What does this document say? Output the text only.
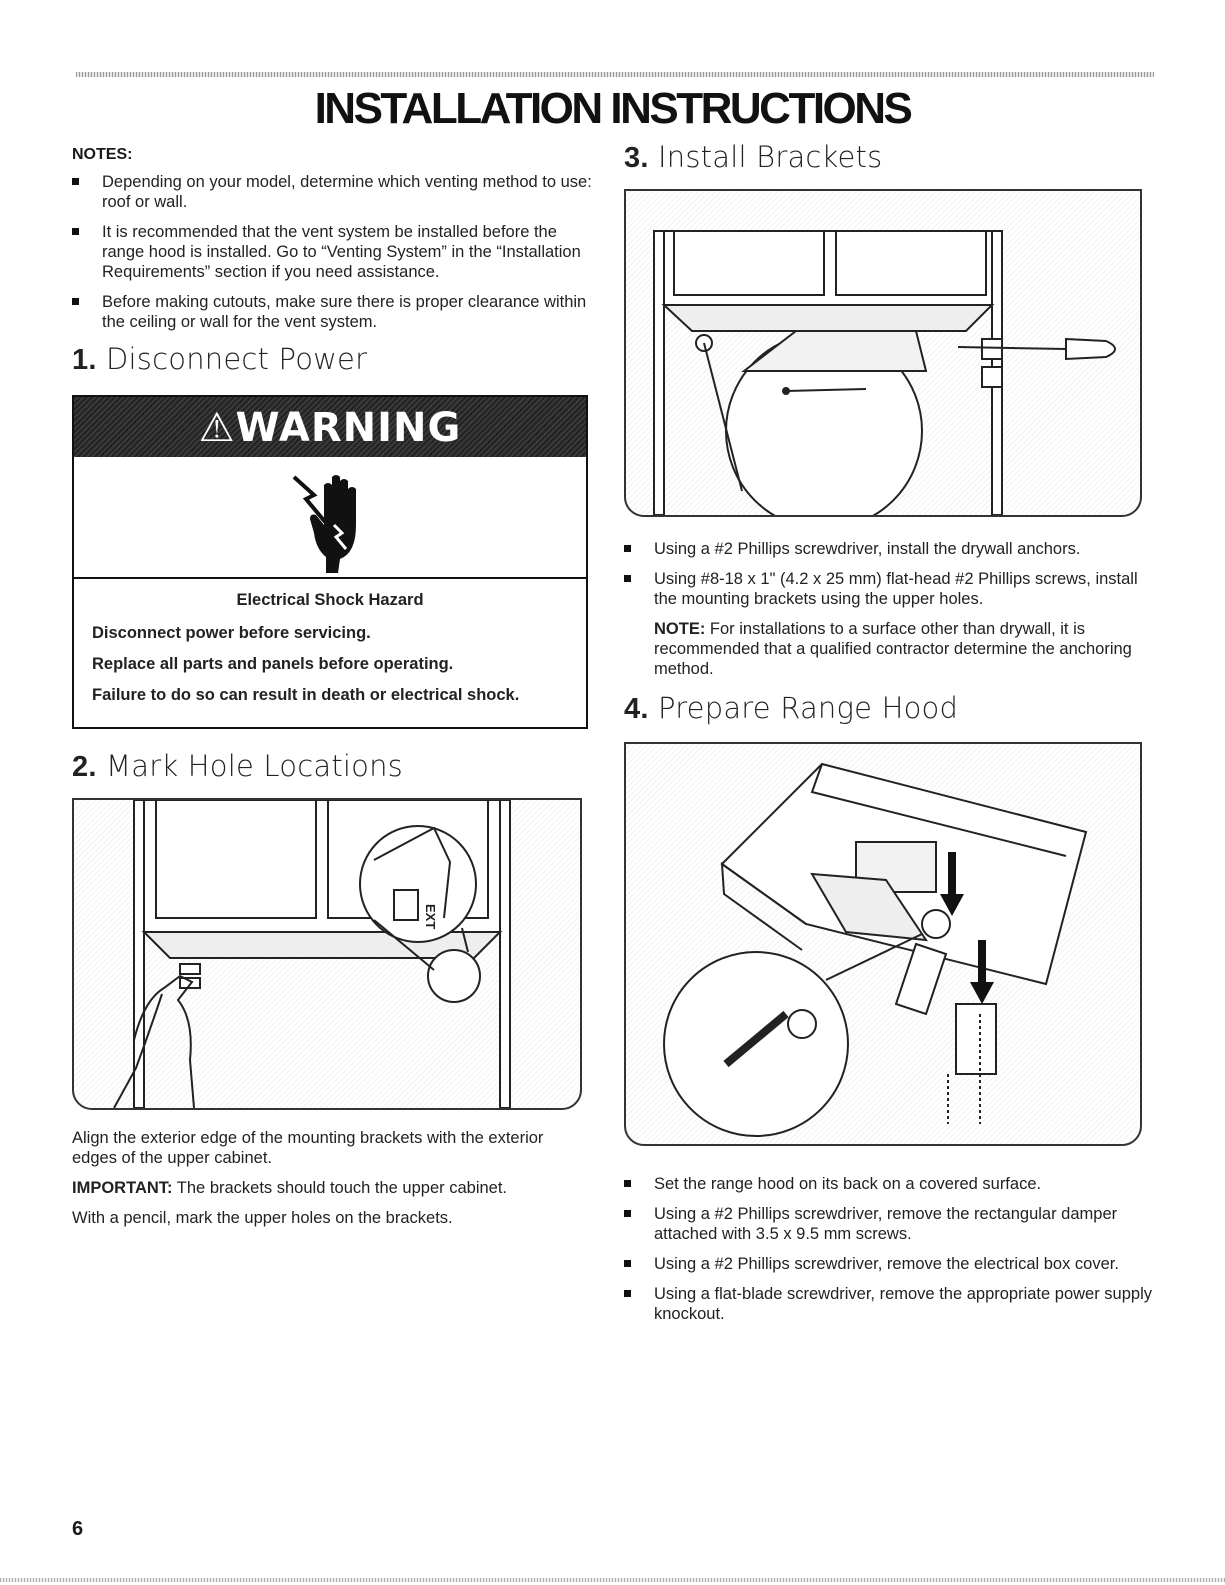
INSTALLATION INSTRUCTIONS
NOTES:
Depending on your model, determine which venting method to use: roof or wall.
It is recommended that the vent system be installed before the range hood is installed. Go to “Venting System” in the “Installation Requirements” section if you need assistance.
Before making cutouts, make sure there is proper clearance within the ceiling or wall for the vent system.
1. Disconnect Power
⚠WARNING
Electrical Shock Hazard

Disconnect power before servicing.

Replace all parts and panels before operating.

Failure to do so can result in death or electrical shock.

2. Mark Hole Locations
EXT

Align the exterior edge of the mounting brackets with the exterior edges of the upper cabinet.

IMPORTANT: The brackets should touch the upper cabinet.

With a pencil, mark the upper holes on the brackets.

3. Install Brackets
Using a #2 Phillips screwdriver, install the drywall anchors.
Using #8-18 x 1" (4.2 x 25 mm) flat-head #2 Phillips screws, install the mounting brackets using the upper holes.

NOTE: For installations to a surface other than drywall, it is recommended that a qualified contractor determine the anchoring method.

4. Prepare Range Hood
Set the range hood on its back on a covered surface.
Using a #2 Phillips screwdriver, remove the rectangular damper attached with 3.5 x 9.5 mm screws.
Using a #2 Phillips screwdriver, remove the electrical box cover.
Using a flat-blade screwdriver, remove the appropriate power supply knockout.
6
